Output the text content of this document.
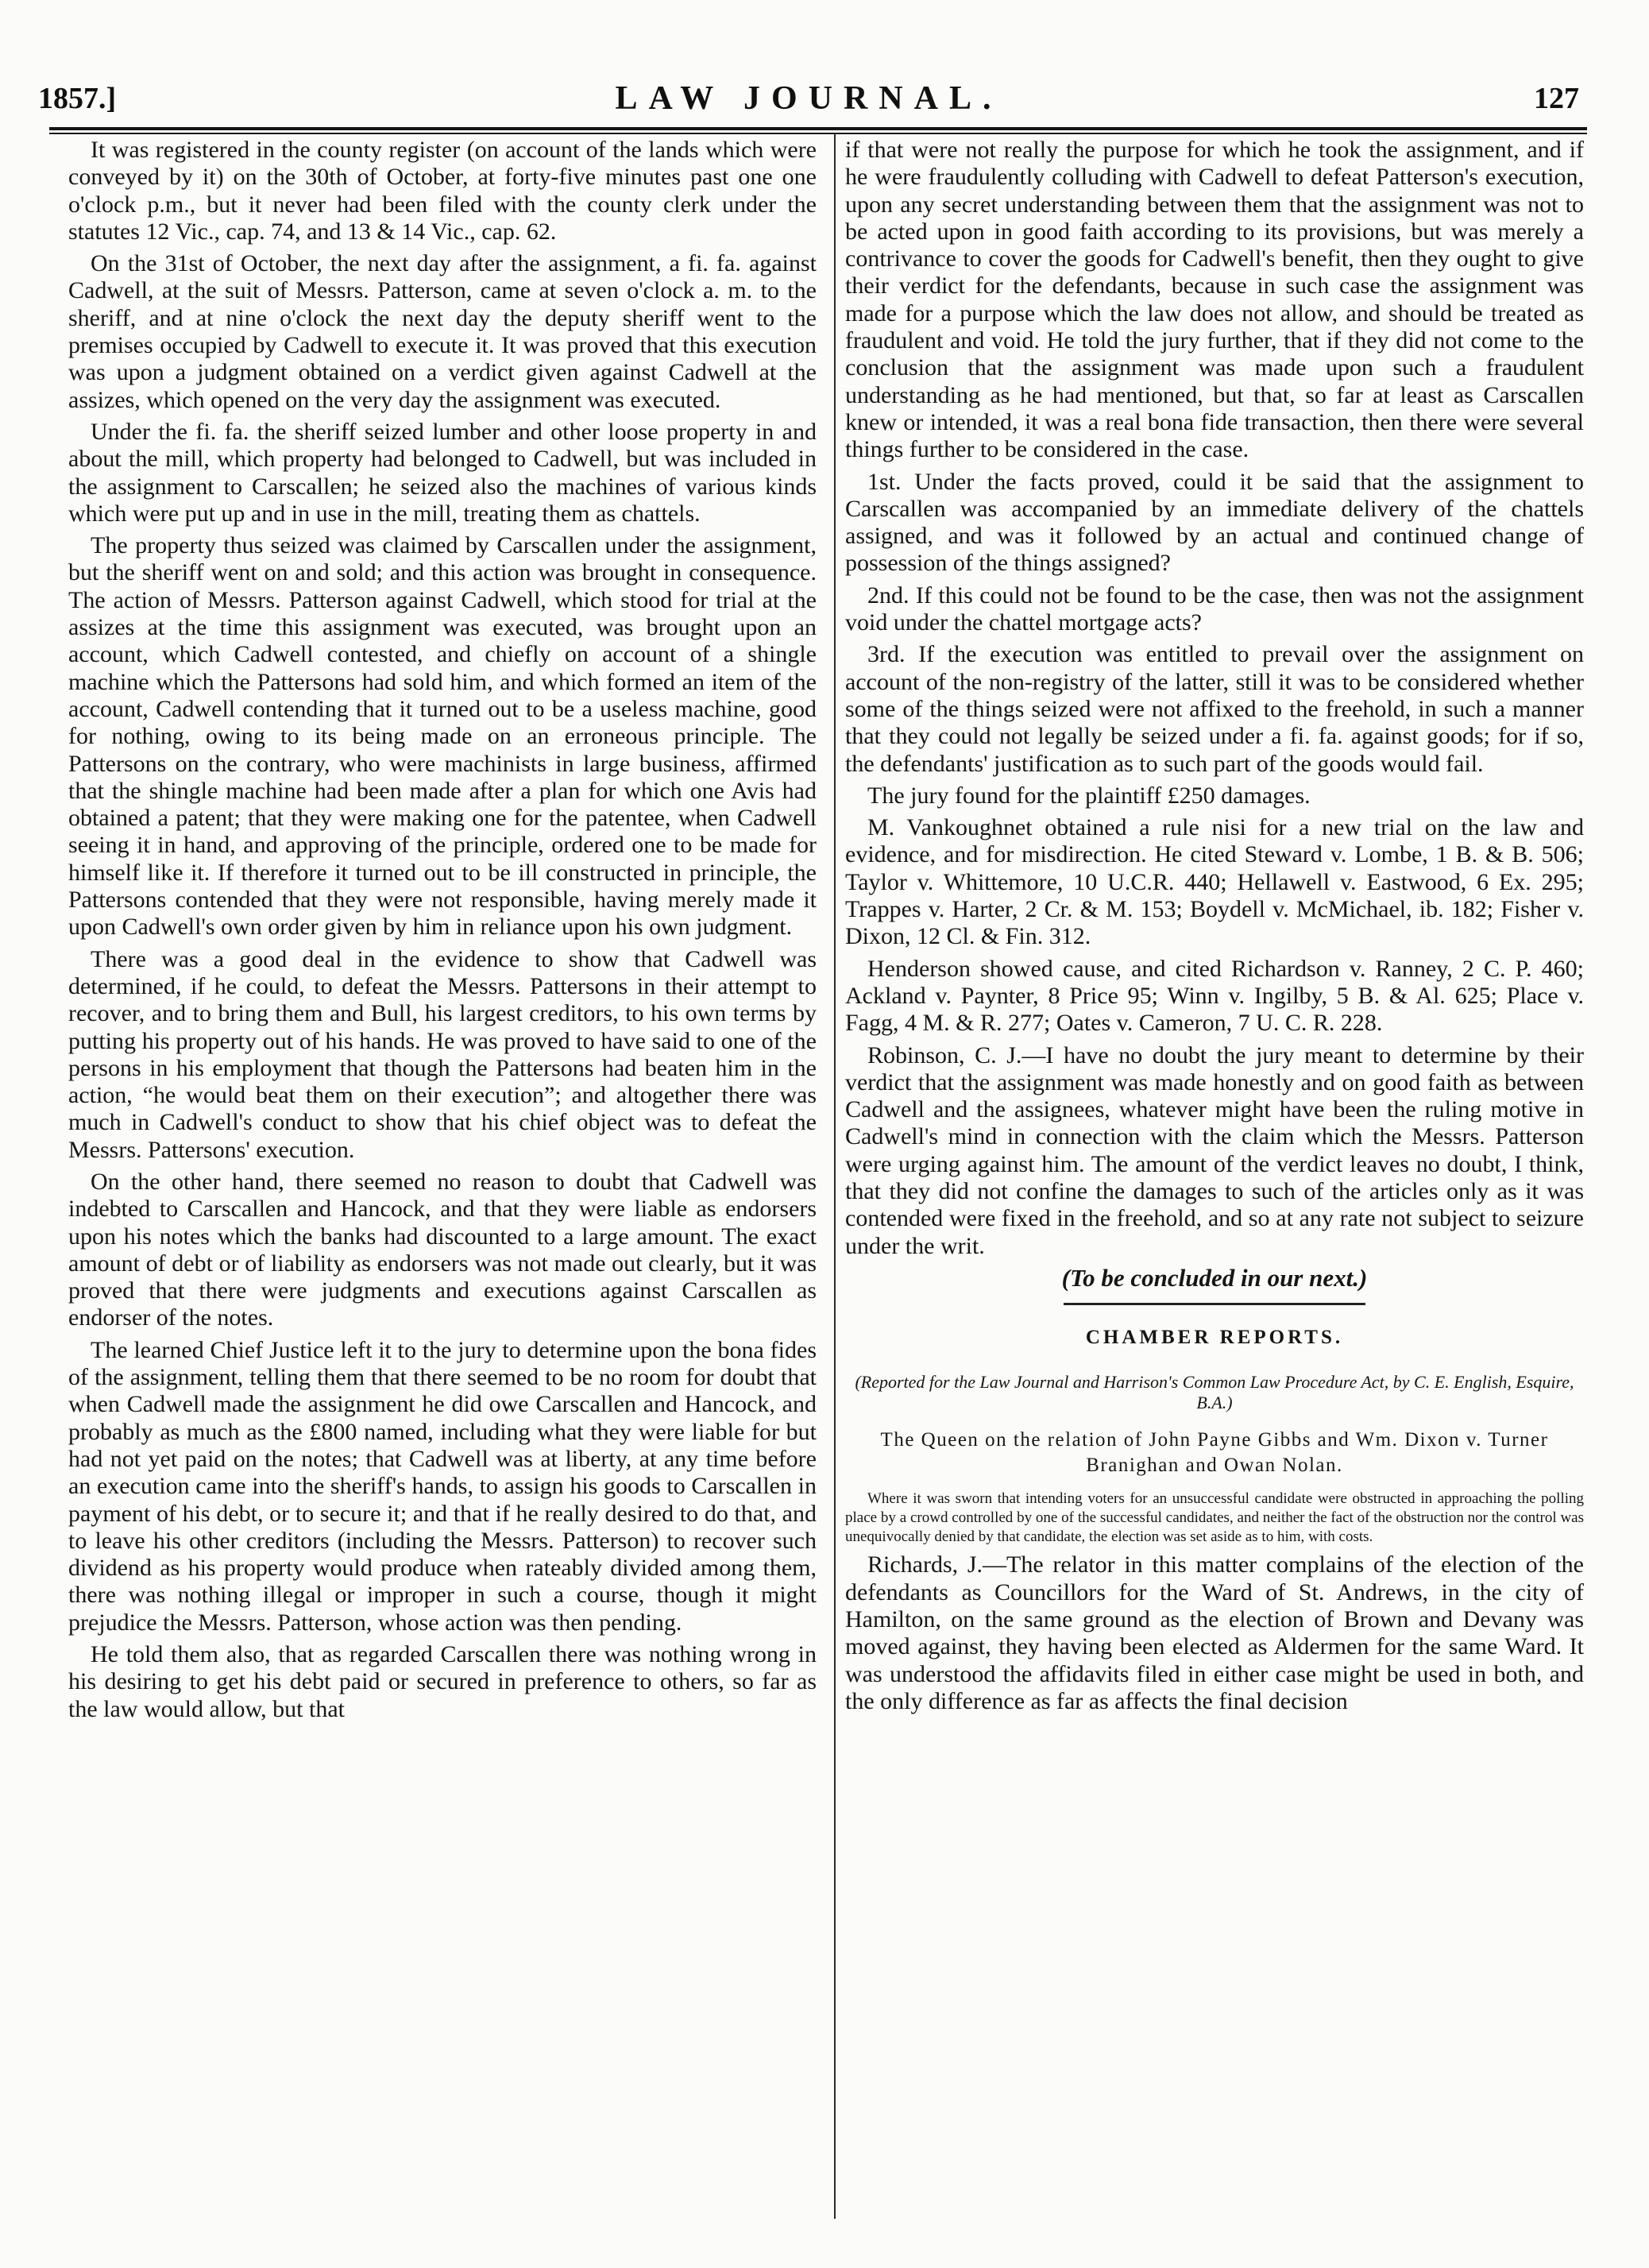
1857.]	LAW JOURNAL.	127

It was registered in the county register (on account of the lands which were conveyed by it) on the 30th of October, at forty-five minutes past one one o'clock p.m., but it never had been filed with the county clerk under the statutes 12 Vic., cap. 74, and 13 & 14 Vic., cap. 62.

On the 31st of October, the next day after the assignment, a fi. fa. against Cadwell, at the suit of Messrs. Patterson, came at seven o'clock a. m. to the sheriff, and at nine o'clock the next day the deputy sheriff went to the premises occupied by Cadwell to execute it. It was proved that this execution was upon a judgment obtained on a verdict given against Cadwell at the assizes, which opened on the very day the assignment was executed.

Under the fi. fa. the sheriff seized lumber and other loose property in and about the mill, which property had belonged to Cadwell, but was included in the assignment to Carscallen; he seized also the machines of various kinds which were put up and in use in the mill, treating them as chattels.

The property thus seized was claimed by Carscallen under the assignment, but the sheriff went on and sold; and this action was brought in consequence. The action of Messrs. Patterson against Cadwell, which stood for trial at the assizes at the time this assignment was executed, was brought upon an account, which Cadwell contested, and chiefly on account of a shingle machine which the Pattersons had sold him, and which formed an item of the account, Cadwell contending that it turned out to be a useless machine, good for nothing, owing to its being made on an erroneous principle. The Pattersons on the contrary, who were machinists in large business, affirmed that the shingle machine had been made after a plan for which one Avis had obtained a patent; that they were making one for the patentee, when Cadwell seeing it in hand, and approving of the principle, ordered one to be made for himself like it. If therefore it turned out to be ill constructed in principle, the Pattersons contended that they were not responsible, having merely made it upon Cadwell's own order given by him in reliance upon his own judgment.

There was a good deal in the evidence to show that Cadwell was determined, if he could, to defeat the Messrs. Pattersons in their attempt to recover, and to bring them and Bull, his largest creditors, to his own terms by putting his property out of his hands. He was proved to have said to one of the persons in his employment that though the Pattersons had beaten him in the action, “he would beat them on their execution”; and altogether there was much in Cadwell's conduct to show that his chief object was to defeat the Messrs. Pattersons' execution.

On the other hand, there seemed no reason to doubt that Cadwell was indebted to Carscallen and Hancock, and that they were liable as endorsers upon his notes which the banks had discounted to a large amount. The exact amount of debt or of liability as endorsers was not made out clearly, but it was proved that there were judgments and executions against Carscallen as endorser of the notes.

The learned Chief Justice left it to the jury to determine upon the bona fides of the assignment, telling them that there seemed to be no room for doubt that when Cadwell made the assignment he did owe Carscallen and Hancock, and probably as much as the £800 named, including what they were liable for but had not yet paid on the notes; that Cadwell was at liberty, at any time before an execution came into the sheriff's hands, to assign his goods to Carscallen in payment of his debt, or to secure it; and that if he really desired to do that, and to leave his other creditors (including the Messrs. Patterson) to recover such dividend as his property would produce when rateably divided among them, there was nothing illegal or improper in such a course, though it might prejudice the Messrs. Patterson, whose action was then pending.

He told them also, that as regarded Carscallen there was nothing wrong in his desiring to get his debt paid or secured in preference to others, so far as the law would allow, but that

if that were not really the purpose for which he took the assignment, and if he were fraudulently colluding with Cadwell to defeat Patterson's execution, upon any secret understanding between them that the assignment was not to be acted upon in good faith according to its provisions, but was merely a contrivance to cover the goods for Cadwell's benefit, then they ought to give their verdict for the defendants, because in such case the assignment was made for a purpose which the law does not allow, and should be treated as fraudulent and void. He told the jury further, that if they did not come to the conclusion that the assignment was made upon such a fraudulent understanding as he had mentioned, but that, so far at least as Carscallen knew or intended, it was a real bona fide transaction, then there were several things further to be considered in the case.

1st. Under the facts proved, could it be said that the assignment to Carscallen was accompanied by an immediate delivery of the chattels assigned, and was it followed by an actual and continued change of possession of the things assigned?

2nd. If this could not be found to be the case, then was not the assignment void under the chattel mortgage acts?

3rd. If the execution was entitled to prevail over the assignment on account of the non-registry of the latter, still it was to be considered whether some of the things seized were not affixed to the freehold, in such a manner that they could not legally be seized under a fi. fa. against goods; for if so, the defendants' justification as to such part of the goods would fail.

The jury found for the plaintiff £250 damages.

M. Vankoughnet obtained a rule nisi for a new trial on the law and evidence, and for misdirection. He cited Steward v. Lombe, 1 B. & B. 506; Taylor v. Whittemore, 10 U.C.R. 440; Hellawell v. Eastwood, 6 Ex. 295; Trappes v. Harter, 2 Cr. & M. 153; Boydell v. McMichael, ib. 182; Fisher v. Dixon, 12 Cl. & Fin. 312.

Henderson showed cause, and cited Richardson v. Ranney, 2 C. P. 460; Ackland v. Paynter, 8 Price 95; Winn v. Ingilby, 5 B. & Al. 625; Place v. Fagg, 4 M. & R. 277; Oates v. Cameron, 7 U. C. R. 228.

Robinson, C. J.—I have no doubt the jury meant to determine by their verdict that the assignment was made honestly and on good faith as between Cadwell and the assignees, whatever might have been the ruling motive in Cadwell's mind in connection with the claim which the Messrs. Patterson were urging against him. The amount of the verdict leaves no doubt, I think, that they did not confine the damages to such of the articles only as it was contended were fixed in the freehold, and so at any rate not subject to seizure under the writ.

(To be concluded in our next.)

CHAMBER REPORTS.
(Reported for the Law Journal and Harrison's Common Law Procedure Act, by C. E. English, Esquire, B.A.)
The Queen on the relation of John Payne Gibbs and Wm. Dixon v. Turner Branighan and Owan Nolan.

Where it was sworn that intending voters for an unsuccessful candidate were obstructed in approaching the polling place by a crowd controlled by one of the successful candidates, and neither the fact of the obstruction nor the control was unequivocally denied by that candidate, the election was set aside as to him, with costs.

Richards, J.—The relator in this matter complains of the election of the defendants as Councillors for the Ward of St. Andrews, in the city of Hamilton, on the same ground as the election of Brown and Devany was moved against, they having been elected as Aldermen for the same Ward. It was understood the affidavits filed in either case might be used in both, and the only difference as far as affects the final decision
